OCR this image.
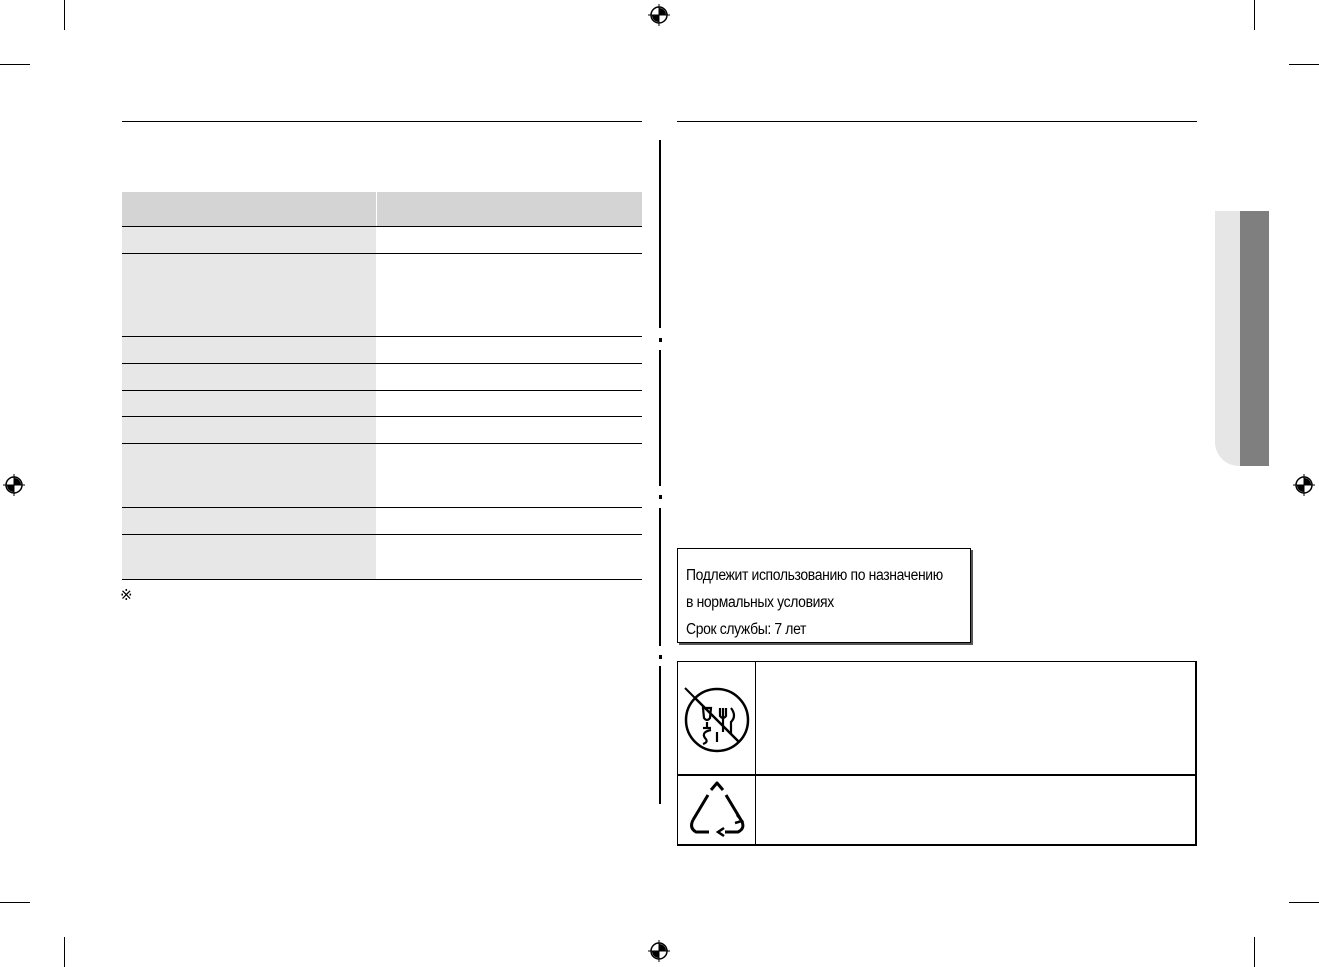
※
Подлежит использованию по назначению
в нормальных условиях
Срок службы: 7 лет
